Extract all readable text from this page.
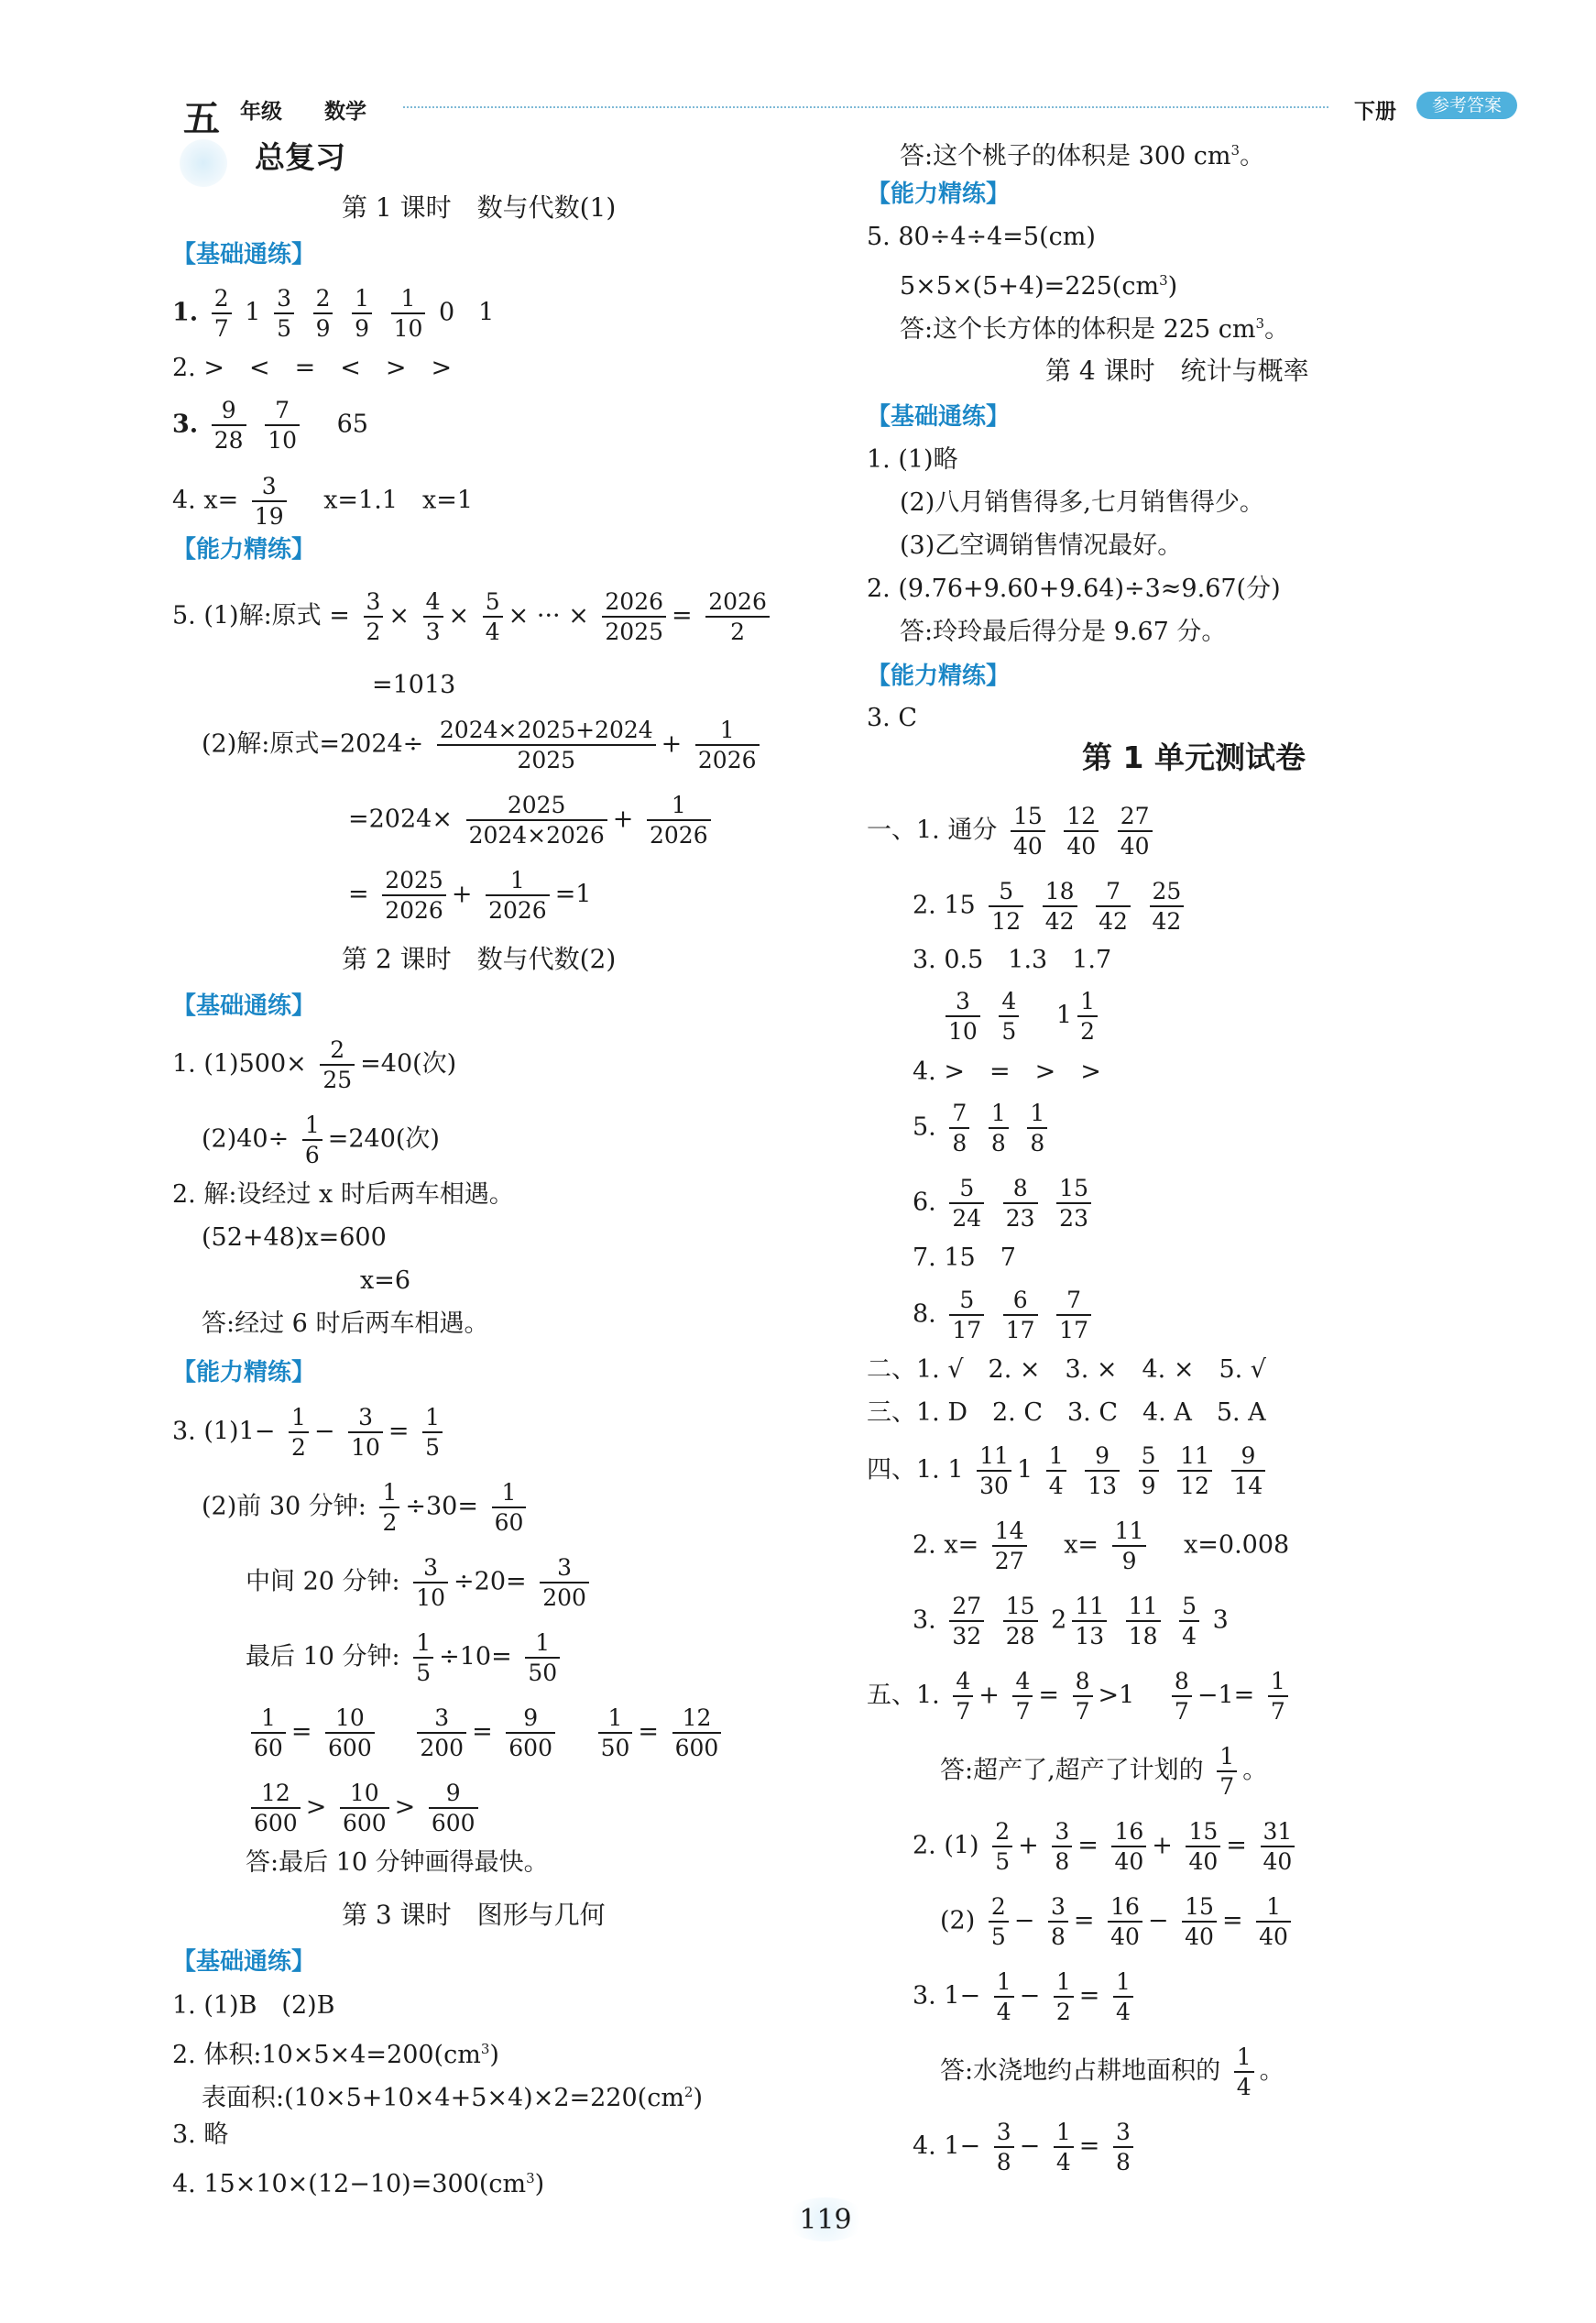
五 年级 数学	下册	参考答案
总复习
第 1 课时　数与代数(1)
【基础通练】
1. $\frac{2}{7} 1 \frac{3}{5}$
$\frac{2}{9}$
$\frac{1}{9}$
$\frac{1}{10} 0$ 1
2. >　<　=　<　>　>
3. $\frac{9}{28}$
$\frac{7}{10} 65$
4. $x= \frac{3}{19} x=1.1$　x=1
【能力精练】
5. (1)解:原式 = $\frac{3}{2} \times \frac{4}{3} \times \frac{5}{4}$ × ··· × $\frac{2026}{2025} = \frac{2026}{2}$
=1013
(2)解:原式$=2024\div \frac{2024\times 2025+2024}{2025} + \frac{1}{2026}$
$=2024\times \frac{2025}{2024\times 2026} + \frac{1}{2026}$
= $\frac{2025}{2026} + \frac{1}{2026} =1$
第 2 课时　数与代数(2)
【基础通练】
1. $(1)500\times \frac{2}{25} =40$(次)
$(2)40\div \frac{1}{6} =240$(次)
2. 解:设经过 x 时后两车相遇。
(52+48)x=600
x=6
答:经过 6 时后两车相遇。
【能力精练】
3. $(1)1- \frac{1}{2} - \frac{3}{10} = \frac{1}{5}$
(2)前 30 分钟: $\frac{1}{2} \div 30= \frac{1}{60}$
中间 20 分钟: $\frac{3}{10} \div 20= \frac{3}{200}$
最后 10 分钟: $\frac{1}{5} \div 10= \frac{1}{50}$
$\frac{1}{60} = \frac{10}{600}$
$\frac{3}{200} = \frac{9}{600}$
$\frac{1}{50} = \frac{12}{600}$
$\frac{12}{600} > \frac{10}{600} > \frac{9}{600}$
答:最后 10 分钟画得最快。
第 3 课时　图形与几何
【基础通练】
1. (1)B　(2)B
2. 体积$:10\times 5\times 4=200(cm^3)$
表面积$:(10\times 5+10\times 4+5\times 4)\times 2=220(cm^2)$
3. 略
4. $15\times 10\times(12-10)=300(cm^3)$
答:这个桃子的体积是 300 $cm^3$。
【能力精练】
5. 80÷4÷4=5(cm)
$5\times 5\times(5+4)=225(cm^3)$
答:这个长方体的体积是 225 $cm^3$。
第 4 课时　统计与概率
【基础通练】
1. (1)略
(2)八月销售得多,七月销售得少。
(3)乙空调销售情况最好。
2. (9.76+9.60+9.64)÷3≈9.67(分)
答:玲玲最后得分是 9.67 分。
【能力精练】
3. C
第 1 单元测试卷
一、1. 通分 $\frac{15}{40}$
$\frac{12}{40}$
$\frac{27}{40}$
2. $15 \frac{5}{12}$
$\frac{18}{42}$
$\frac{7}{42}$
$\frac{25}{42}$
3. 0.5　1.3　1.7
$\frac{3}{10}$
$\frac{4}{5} 1 \frac{1}{2}$
4. >　=　>　>
5. $\frac{7}{8}$
$\frac{1}{8}$
$\frac{1}{8}$
6. $\frac{5}{24}$
$\frac{8}{23}$
$\frac{15}{23}$
7. 15　7
8. $\frac{5}{17}$
$\frac{6}{17}$
$\frac{7}{17}$
二、1. √　2. ×　3. ×　4. ×　5. √
三、1. D　2. C　3. C　4. A　5. A
四、1. $1 \frac{11}{30} 1 \frac{1}{4}$
$\frac{9}{13}$
$\frac{5}{9}$
$\frac{11}{12}$
$\frac{9}{14}$
2. $x= \frac{14}{27} x= \frac{11}{9} x=0.008$
3. $\frac{27}{32}$
$\frac{15}{28} 2 \frac{11}{13}$
$\frac{11}{18}$
$\frac{5}{4} 3$
五、1. $\frac{4}{7} + \frac{4}{7} = \frac{8}{7} >1 \frac{8}{7} -1= \frac{1}{7}$
答:超产了,超产了计划的 $\frac{1}{7}$ 。
2. $(1) \frac{2}{5} + \frac{3}{8} = \frac{16}{40} + \frac{15}{40} = \frac{31}{40}$
$(2) \frac{2}{5} - \frac{3}{8} = \frac{16}{40} - \frac{15}{40} = \frac{1}{40}$
3. $1- \frac{1}{4} - \frac{1}{2} = \frac{1}{4}$
答:水浇地约占耕地面积的 $\frac{1}{4}$ 。
4. $1- \frac{3}{8} - \frac{1}{4} = \frac{3}{8}$
119
